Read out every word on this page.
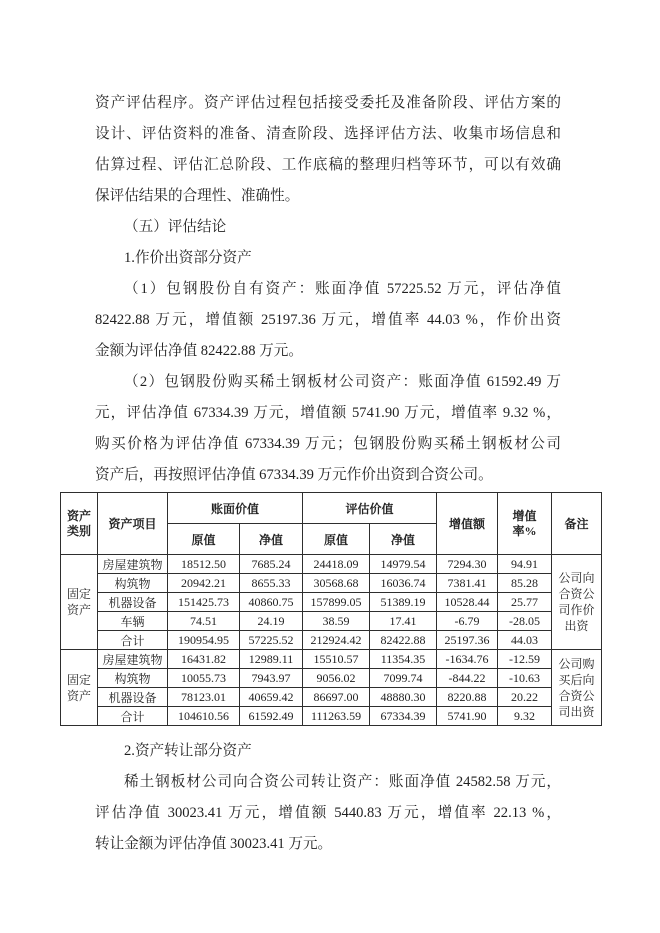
资产评估程序。资产评估过程包括接受委托及准备阶段、评估方案的
设计、评估资料的准备、清查阶段、选择评估方法、收集市场信息和
估算过程、评估汇总阶段、工作底稿的整理归档等环节，可以有效确
保评估结果的合理性、准确性。
（五）评估结论
1.作价出资部分资产
（1）包钢股份自有资产：账面净值 57225.52 万元，评估净值
82422.88 万元，增值额 25197.36 万元，增值率 44.03 %，作价出资
金额为评估净值 82422.88 万元。
（2）包钢股份购买稀土钢板材公司资产：账面净值 61592.49 万
元，评估净值 67334.39 万元，增值额 5741.90 万元，增值率 9.32 %，
购买价格为评估净值 67334.39 万元；包钢股份购买稀土钢板材公司
资产后，再按照评估净值 67334.39 万元作价出资到合资公司。
资产类别	资产项目	账面价值		评估价值		增值额	增值率%	备注
		原值	净值	原值	净值			
固定资产	房屋建筑物	18512.50	7685.24	24418.09	14979.54	7294.30	94.91	公司向合资公司作价出资
	构筑物	20942.21	8655.33	30568.68	16036.74	7381.41	85.28	
	机器设备	151425.73	40860.75	157899.05	51389.19	10528.44	25.77	
	车辆	74.51	24.19	38.59	17.41	-6.79	-28.05	
	合计	190954.95	57225.52	212924.42	82422.88	25197.36	44.03	
固定资产	房屋建筑物	16431.82	12989.11	15510.57	11354.35	-1634.76	-12.59	公司购买后向合资公司出资
	构筑物	10055.73	7943.97	9056.02	7099.74	-844.22	-10.63	
	机器设备	78123.01	40659.42	86697.00	48880.30	8220.88	20.22	
	合计	104610.56	61592.49	111263.59	67334.39	5741.90	9.32	
2.资产转让部分资产
稀土钢板材公司向合资公司转让资产：账面净值 24582.58 万元，
评估净值 30023.41 万元，增值额 5440.83 万元，增值率 22.13 %，
转让金额为评估净值 30023.41 万元。
